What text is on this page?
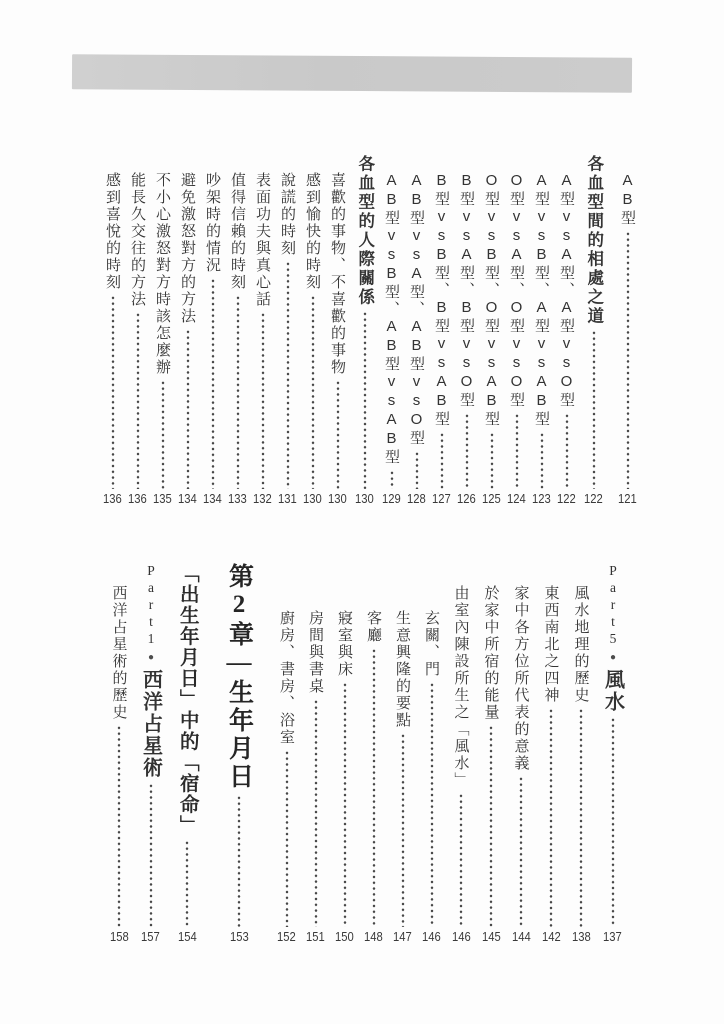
AB型
121
各血型間的相處之道
122
A型vsA型、A型vsO型
122
A型vsB型、A型vsAB型
123
O型vsA型、O型vsO型
124
O型vsB型、O型vsAB型
125
B型vsA型、B型vsO型
126
B型vsB型、B型vsAB型
127
AB型vsA型、AB型vsO型
128
AB型vsB型、AB型vsAB型
129
各血型的人際關係
130
喜歡的事物、不喜歡的事物
130
感到愉快的時刻
130
說謊的時刻
131
表面功夫與真心話
132
值得信賴的時刻
133
吵架時的情況
134
避免激怒對方的方法
134
不小心激怒對方時該怎麼辦
135
能長久交往的方法
136
感到喜悅的時刻
136
Part5●風水
137
風水地理的歷史
138
東西南北之四神
142
家中各方位所代表的意義
144
於家中所宿的能量
145
由室內陳設所生之「風水」
146
玄關、門
146
生意興隆的要點
147
客廳
148
寢室與床
150
房間與書桌
151
廚房、書房、浴室
152
第2章—生年月日
153
「出生年月日」中的「宿命」
154
Part1●西洋占星術
157
西洋占星術的歷史
158
